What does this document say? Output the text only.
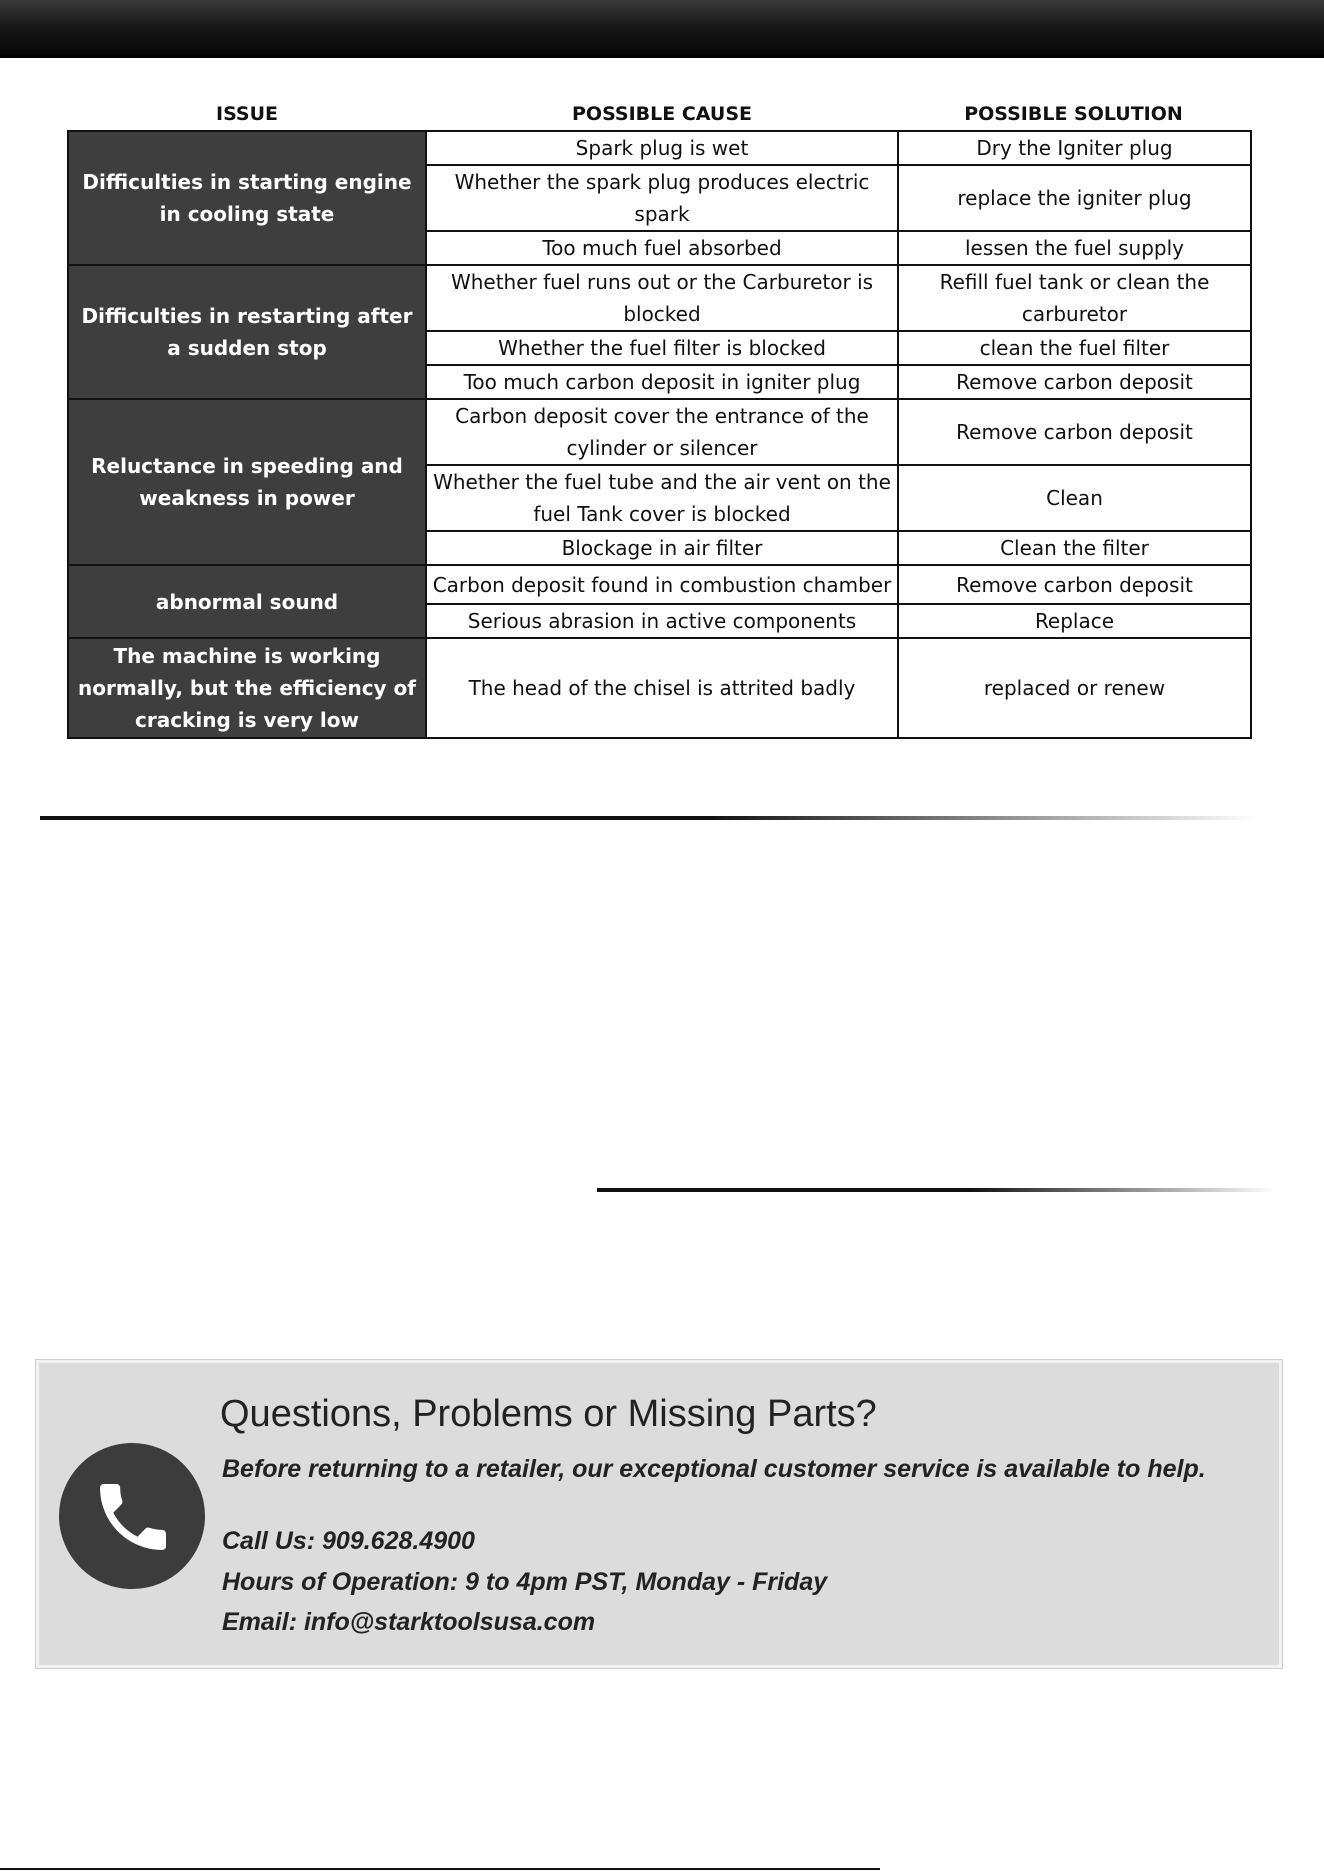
ISSUE	POSSIBLE CAUSE	POSSIBLE SOLUTION
Difficulties in starting engine in cooling state	Spark plug is wet	Dry the Igniter plug
	Whether the spark plug produces electric spark	replace the igniter plug
	Too much fuel absorbed	lessen the fuel supply
Difficulties in restarting after a sudden stop	Whether fuel runs out or the Carburetor is blocked	Refill fuel tank or clean the carburetor
	Whether the fuel filter is blocked	clean the fuel filter
	Too much carbon deposit in igniter plug	Remove carbon deposit
Reluctance in speeding and weakness in power	Carbon deposit cover the entrance of the cylinder or silencer	Remove carbon deposit
	Whether the fuel tube and the air vent on the fuel Tank cover is blocked	Clean
	Blockage in air filter	Clean the filter
abnormal sound	Carbon deposit found in combustion chamber	Remove carbon deposit
	Serious abrasion in active components	Replace
The machine is working normally, but the efficiency of cracking is very low	The head of the chisel is attrited badly	replaced or renew
Questions, Problems or Missing Parts?
Before returning to a retailer, our exceptional customer service is available to help.
Call Us: 909.628.4900
Hours of Operation: 9 to 4pm PST, Monday - Friday
Email: info@starktoolsusa.com
